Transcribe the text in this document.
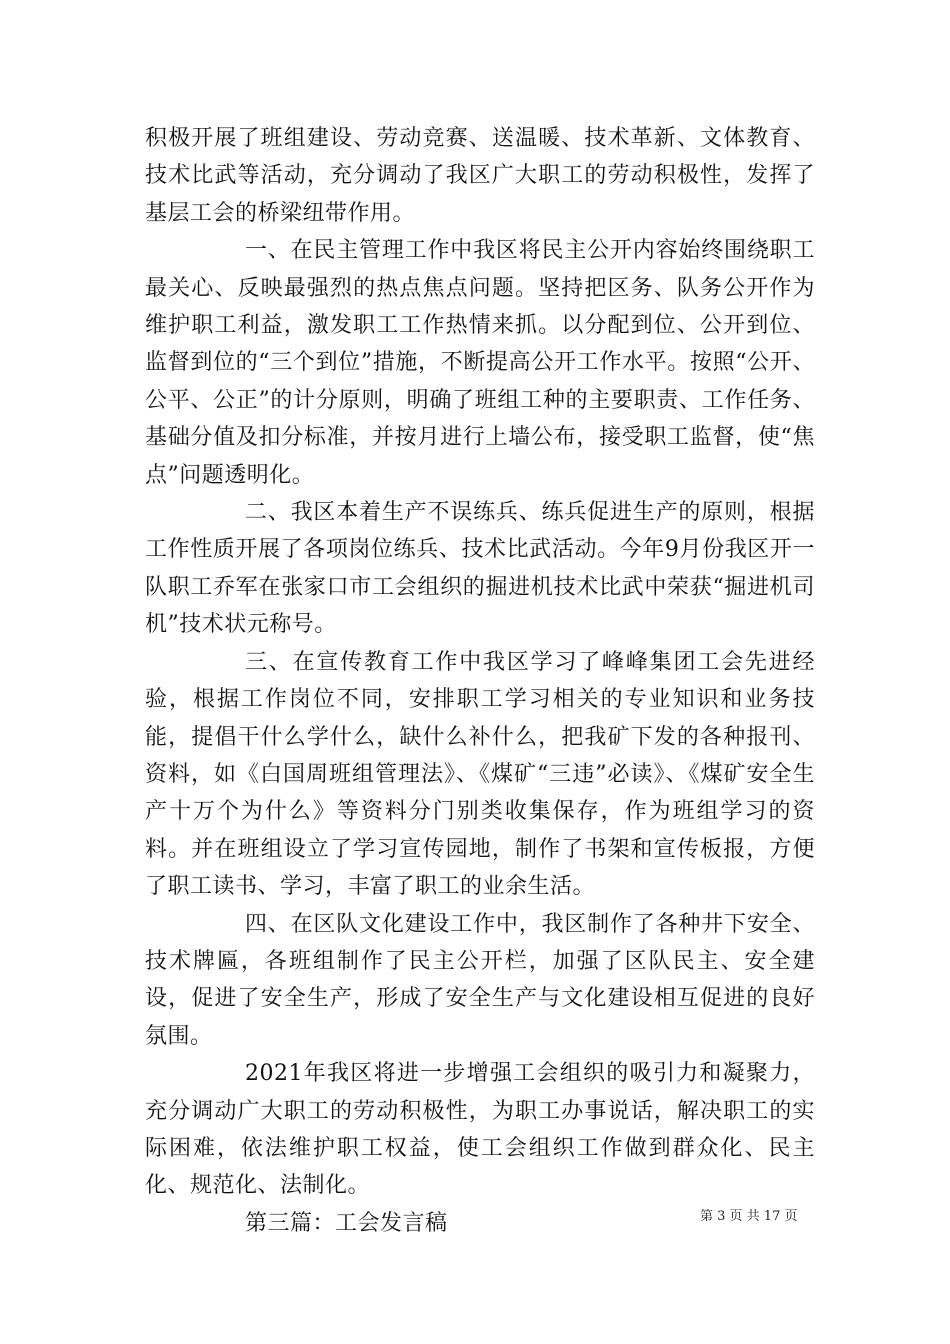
积极开展了班组建设、劳动竞赛、送温暖、技术革新、文体教育、技术比武等活动，充分调动了我区广大职工的劳动积极性，发挥了基层工会的桥梁纽带作用。

一、在民主管理工作中我区将民主公开内容始终围绕职工最关心、反映最强烈的热点焦点问题。坚持把区务、队务公开作为维护职工利益，激发职工工作热情来抓。以分配到位、公开到位、监督到位的“三个到位”措施，不断提高公开工作水平。按照“公开、公平、公正”的计分原则，明确了班组工种的主要职责、工作任务、基础分值及扣分标准，并按月进行上墙公布，接受职工监督，使“焦点”问题透明化。

二、我区本着生产不误练兵、练兵促进生产的原则，根据工作性质开展了各项岗位练兵、技术比武活动。今年9月份我区开一队职工乔军在张家口市工会组织的掘进机技术比武中荣获“掘进机司机”技术状元称号。

三、在宣传教育工作中我区学习了峰峰集团工会先进经验，根据工作岗位不同，安排职工学习相关的专业知识和业务技能，提倡干什么学什么，缺什么补什么，把我矿下发的各种报刊、资料，如《白国周班组管理法》、《煤矿“三违”必读》、《煤矿安全生产十万个为什么》等资料分门别类收集保存，作为班组学习的资料。并在班组设立了学习宣传园地，制作了书架和宣传板报，方便了职工读书、学习，丰富了职工的业余生活。

四、在区队文化建设工作中，我区制作了各种井下安全、技术牌匾，各班组制作了民主公开栏，加强了区队民主、安全建设，促进了安全生产，形成了安全生产与文化建设相互促进的良好氛围。

2021年我区将进一步增强工会组织的吸引力和凝聚力，充分调动广大职工的劳动积极性，为职工办事说话，解决职工的实际困难，依法维护职工权益，使工会组织工作做到群众化、民主化、规范化、法制化。

第三篇：工会发言稿	第 3 页 共 17 页
